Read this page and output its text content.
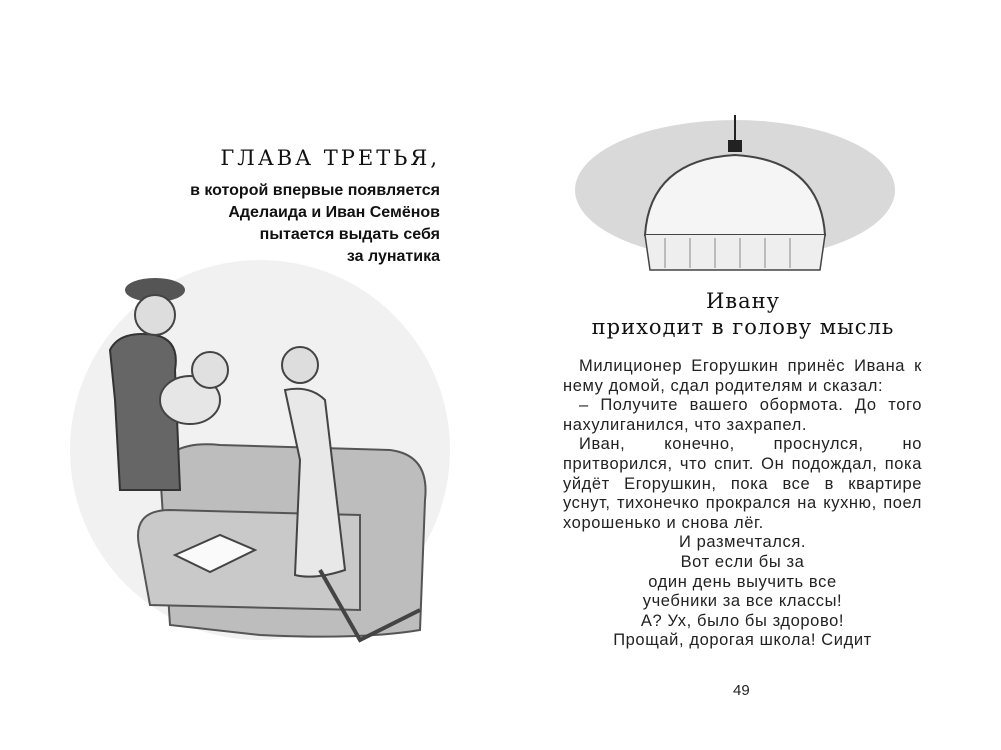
ГЛАВА ТРЕТЬЯ,
в которой впервые появляется
Аделаида и Иван Семёнов
пытается выдать себя
за лунатика
Ивану
приходит в голову мысль

Милиционер Егорушкин принёс Ивана к нему домой, сдал родителям и сказал:

– Получите вашего обормота. До того нахулиганился, что захрапел.

Иван, конечно, проснулся, но притворился, что спит. Он подождал, пока уйдёт Егорушкин, пока все в квартире уснут, тихонечко прокрался на кухню, поел хорошенько и снова лёг.

И размечтался.

Вот если бы за

один день выучить все

учебники за все классы!

А? Ух, было бы здорово!

Прощай, дорогая школа! Сидит

49
